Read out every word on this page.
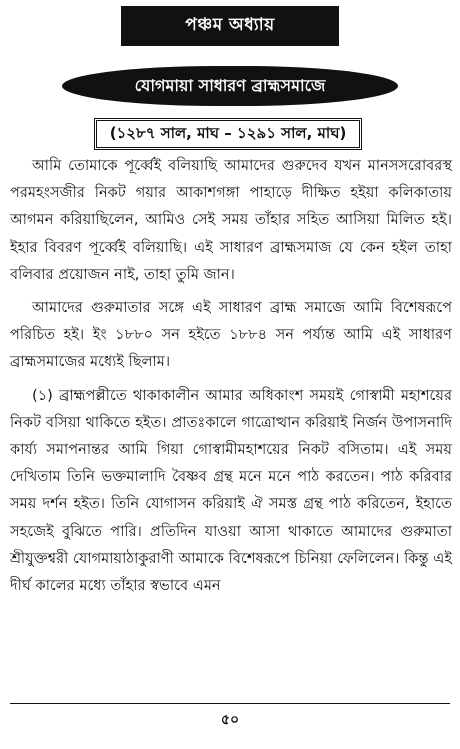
পঞ্চম অধ্যায়
যোগমায়া সাধারণ ব্রাহ্মসমাজে
(১২৮৭ সাল, মাঘ – ১২৯১ সাল, মাঘ)

আমি তোমাকে পূর্ব্বেই বলিয়াছি আমাদের গুরুদেব যখন মানসসরোবরস্থ পরমহংসজীর নিকট গয়ার আকাশগঙ্গা পাহাড়ে দীক্ষিত হইয়া কলিকাতায় আগমন করিয়াছিলেন, আমিও সেই সময় তাঁহার সহিত আসিয়া মিলিত হই। ইহার বিবরণ পূর্ব্বেই বলিয়াছি। এই সাধারণ ব্রাহ্মসমাজ যে কেন হইল তাহা বলিবার প্রয়োজন নাই, তাহা তুমি জান।

আমাদের গুরুমাতার সঙ্গে এই সাধারণ ব্রাহ্ম সমাজে আমি বিশেষরূপে পরিচিত হই। ইং ১৮৮০ সন হইতে ১৮৮৪ সন পর্য্যন্ত আমি এই সাধারণ ব্রাহ্মসমাজের মধ্যেই ছিলাম।

(১) ব্রাহ্মপল্লীতে থাকাকালীন আমার অধিকাংশ সময়ই গোস্বামী মহাশয়ের নিকট বসিয়া থাকিতে হইত। প্রাতঃকালে গাত্রোত্থান করিয়াই নির্জন উপাসনাদি কার্য্য সমাপনান্তর আমি গিয়া গোস্বামীমহাশয়ের নিকট বসিতাম। এই সময় দেখিতাম তিনি ভক্তমালাদি বৈষ্ণব গ্রন্থ মনে মনে পাঠ করতেন। পাঠ করিবার সময় দর্শন হইত। তিনি যোগাসন করিয়াই ঐ সমস্ত গ্রন্থ পাঠ করিতেন, ইহাতে সহজেই বুঝিতে পারি। প্রতিদিন যাওয়া আসা থাকাতে আমাদের গুরুমাতা শ্রীযুক্তশ্বরী যোগমায়াঠাকুরাণী আমাকে বিশেষরূপে চিনিয়া ফেলিলেন। কিন্তু এই দীর্ঘ কালের মধ্যে তাঁহার স্বভাবে এমন

৫০
